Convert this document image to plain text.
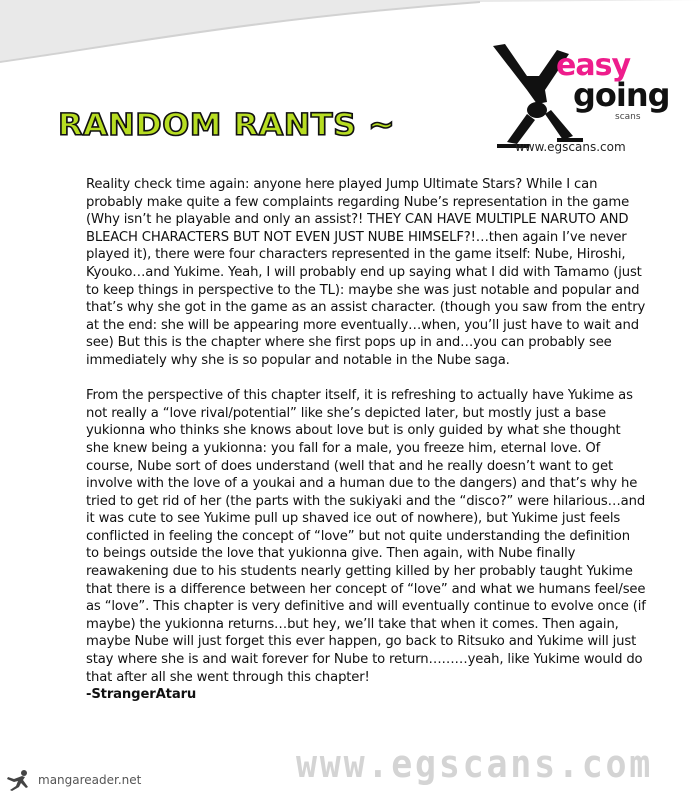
RANDOM RANTS ~
easy
going
scans
www.egscans.com

Reality check time again: anyone here played Jump Ultimate Stars? While I can probably make quite a few complaints regarding Nube’s representation in the game (Why isn’t he playable and only an assist?! THEY CAN HAVE MULTIPLE NARUTO AND BLEACH CHARACTERS BUT NOT EVEN JUST NUBE HIMSELF?!…then again I’ve never played it), there were four characters represented in the game itself: Nube, Hiroshi, Kyouko…and Yukime. Yeah, I will probably end up saying what I did with Tamamo (just to keep things in perspective to the TL): maybe she was just notable and popular and that’s why she got in the game as an assist character. (though you saw from the entry at the end: she will be appearing more eventually…when, you’ll just have to wait and see) But this is the chapter where she first pops up in and…you can probably see immediately why she is so popular and notable in the Nube saga.

From the perspective of this chapter itself, it is refreshing to actually have Yukime as not really a “love rival/potential” like she’s depicted later, but mostly just a base yukionna who thinks she knows about love but is only guided by what she thought she knew being a yukionna: you fall for a male, you freeze him, eternal love. Of course, Nube sort of does understand (well that and he really doesn’t want to get involve with the love of a youkai and a human due to the dangers) and that’s why he tried to get rid of her (the parts with the sukiyaki and the “disco?” were hilarious…and it was cute to see Yukime pull up shaved ice out of nowhere), but Yukime just feels conflicted in feeling the concept of “love” but not quite understanding the definition to beings outside the love that yukionna give. Then again, with Nube finally reawakening due to his students nearly getting killed by her probably taught Yukime that there is a difference between her concept of “love” and what we humans feel/see as “love”. This chapter is very definitive and will eventually continue to evolve once (if maybe) the yukionna returns…but hey, we’ll take that when it comes. Then again, maybe Nube will just forget this ever happen, go back to Ritsuko and Yukime will just stay where she is and wait forever for Nube to return………yeah, like Yukime would do that after all she went through this chapter!

-StrangerAtaru
mangareader.net	www.egscans.com
